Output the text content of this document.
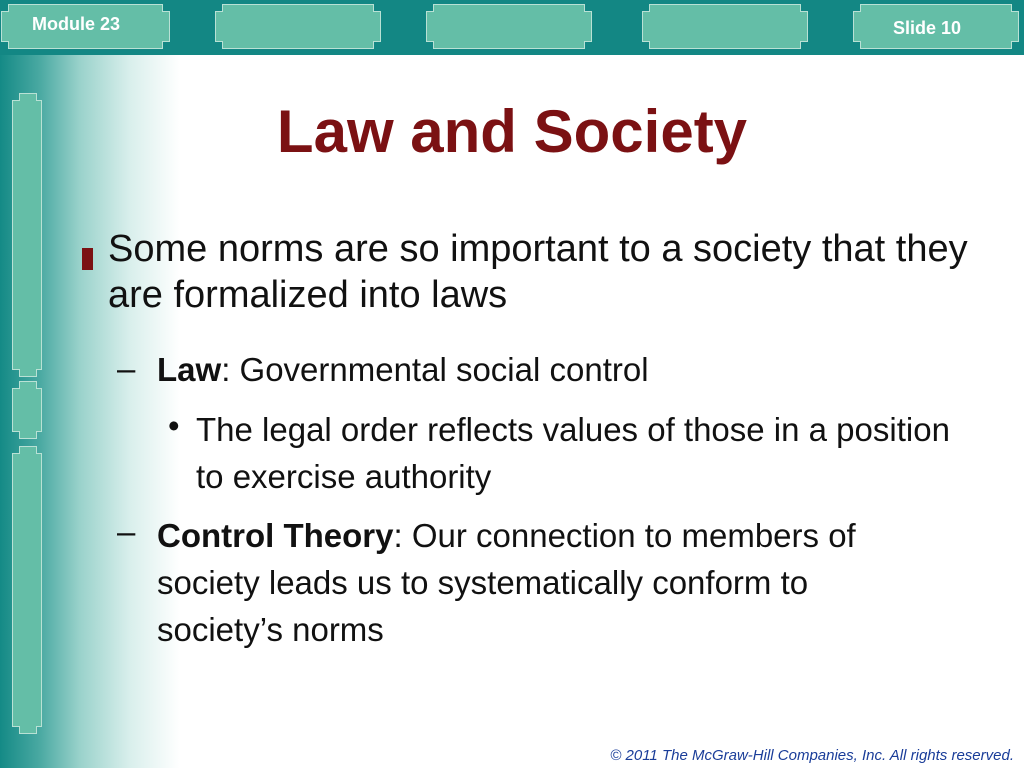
Module 23	Slide 10
Law and Society
Some norms are so important to a society that they are formalized into laws
– Law: Governmental social control
• The legal order reflects values of those in a position to exercise authority
– Control Theory: Our connection to members of society leads us to systematically conform to society’s norms
© 2011 The McGraw-Hill Companies, Inc. All rights reserved.
